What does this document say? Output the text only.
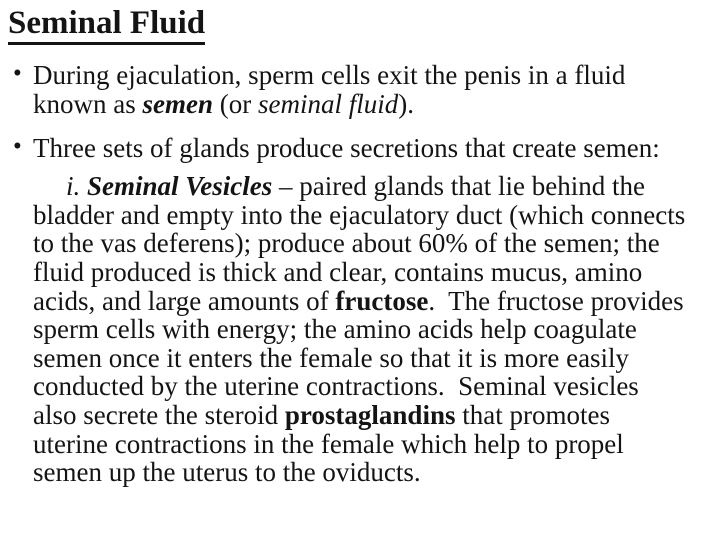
Seminal Fluid
• During ejaculation, sperm cells exit the penis in a fluid
known as semen (or seminal fluid).
• Three sets of glands produce secretions that create semen:
i. Seminal Vesicles – paired glands that lie behind the
bladder and empty into the ejaculatory duct (which connects
to the vas deferens); produce about 60% of the semen; the
fluid produced is thick and clear, contains mucus, amino
acids, and large amounts of fructose.  The fructose provides
sperm cells with energy; the amino acids help coagulate
semen once it enters the female so that it is more easily
conducted by the uterine contractions.  Seminal vesicles
also secrete the steroid prostaglandins that promotes
uterine contractions in the female which help to propel
semen up the uterus to the oviducts.
